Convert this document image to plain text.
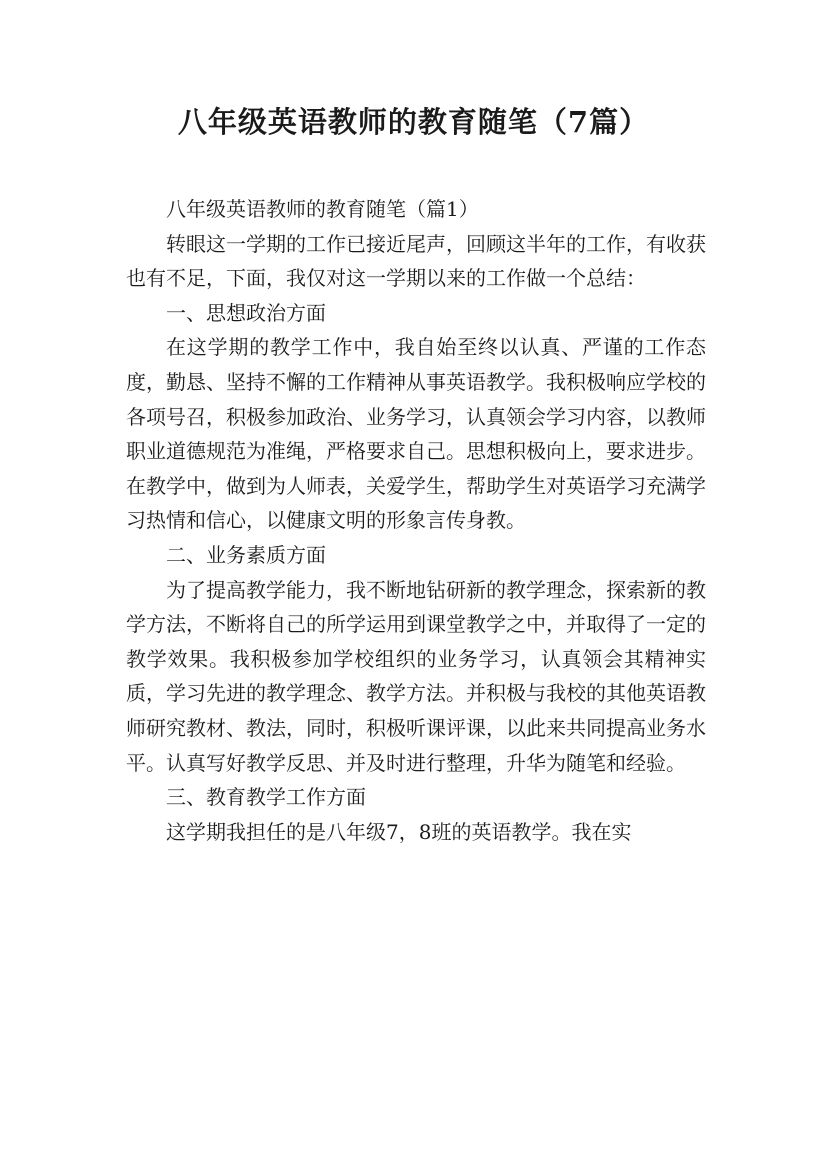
八年级英语教师的教育随笔（7篇）

八年级英语教师的教育随笔（篇1）

转眼这一学期的工作已接近尾声，回顾这半年的工作，有收获也有不足，下面，我仅对这一学期以来的工作做一个总结：

一、思想政治方面

在这学期的教学工作中，我自始至终以认真、严谨的工作态度，勤恳、坚持不懈的工作精神从事英语教学。我积极响应学校的各项号召，积极参加政治、业务学习，认真领会学习内容，以教师职业道德规范为准绳，严格要求自己。思想积极向上，要求进步。在教学中，做到为人师表，关爱学生，帮助学生对英语学习充满学习热情和信心，以健康文明的形象言传身教。

二、业务素质方面

为了提高教学能力，我不断地钻研新的教学理念，探索新的教学方法，不断将自己的所学运用到课堂教学之中，并取得了一定的教学效果。我积极参加学校组织的业务学习，认真领会其精神实质，学习先进的教学理念、教学方法。并积极与我校的其他英语教师研究教材、教法，同时，积极听课评课，以此来共同提高业务水平。认真写好教学反思、并及时进行整理，升华为随笔和经验。

三、教育教学工作方面

这学期我担任的是八年级7，8班的英语教学。我在实
